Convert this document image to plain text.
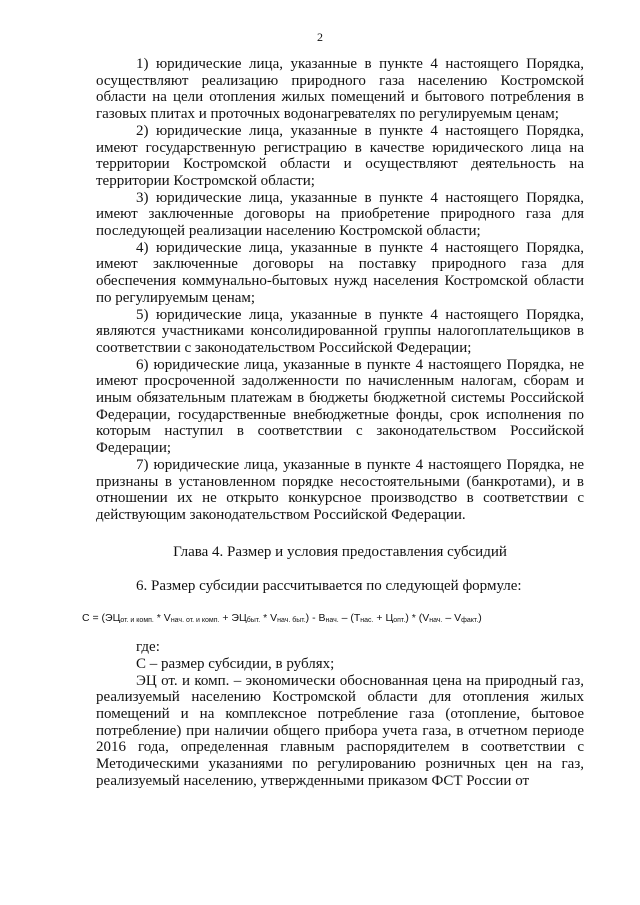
2

1) юридические лица, указанные в пункте 4 настоящего Порядка, осуществляют реализацию природного газа населению Костромской области на цели отопления жилых помещений и бытового потребления в газовых плитах и проточных водонагревателях по регулируемым ценам;

2) юридические лица, указанные в пункте 4 настоящего Порядка, имеют государственную регистрацию в качестве юридического лица на территории Костромской области и осуществляют деятельность на территории Костромской области;

3) юридические лица, указанные в пункте 4 настоящего Порядка, имеют заключенные договоры на приобретение природного газа для последующей реализации населению Костромской области;

4) юридические лица, указанные в пункте 4 настоящего Порядка, имеют заключенные договоры на поставку природного газа для обеспечения коммунально-бытовых нужд населения Костромской области по регулируемым ценам;

5) юридические лица, указанные в пункте 4 настоящего Порядка, являются участниками консолидированной группы налогоплательщиков в соответствии с законодательством Российской Федерации;

6) юридические лица, указанные в пункте 4 настоящего Порядка, не имеют просроченной задолженности по начисленным налогам, сборам и иным обязательным платежам в бюджеты бюджетной системы Российской Федерации, государственные внебюджетные фонды, срок исполнения по которым наступил в соответствии с законодательством Российской Федерации;

7) юридические лица, указанные в пункте 4 настоящего Порядка, не признаны в установленном порядке несостоятельными (банкротами), и в отношении их не открыто конкурсное производство в соответствии с действующим законодательством Российской Федерации.

Глава 4. Размер и условия предоставления субсидий

6. Размер субсидии рассчитывается по следующей формуле:

С = (ЭЦот. и комп. * Vнач. от. и комп. + ЭЦбыт. * Vнач. быт.) - Внач. – (Тнас. + Цопт.) * (Vнач. – Vфакт.)

где:

С – размер субсидии, в рублях;

ЭЦ от. и комп. – экономически обоснованная цена на природный газ, реализуемый населению Костромской области для отопления жилых помещений и на комплексное потребление газа (отопление, бытовое потребление) при наличии общего прибора учета газа, в отчетном периоде 2016 года, определенная главным распорядителем в соответствии с Методическими указаниями по регулированию розничных цен на газ, реализуемый населению, утвержденными приказом ФСТ России от
